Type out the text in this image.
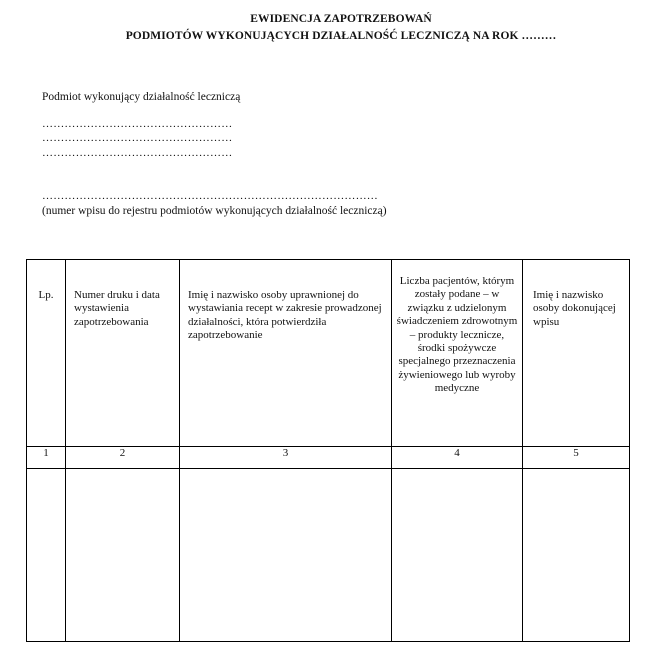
EWIDENCJA ZAPOTRZEBOWAŃ
PODMIOTÓW WYKONUJĄCYCH DZIAŁALNOŚĆ LECZNICZĄ NA ROK ………
Podmiot wykonujący działalność leczniczą
……………………………………………
……………………………………………
……………………………………………
………………………………………………………………………………
(numer wpisu do rejestru podmiotów wykonujących działalność leczniczą)
Lp.	Numer druku i data wystawienia zapotrzebowania	Imię i nazwisko osoby uprawnionej do wystawiania recept w zakresie prowadzonej działalności, która potwierdziła zapotrzebowanie	Liczba pacjentów, którym zostały podane – w związku z udzielonym świadczeniem zdrowotnym – produkty lecznicze, środki spożywcze specjalnego przeznaczenia żywieniowego lub wyroby medyczne	Imię i nazwisko osoby dokonującej wpisu

1	2	3	4	5
